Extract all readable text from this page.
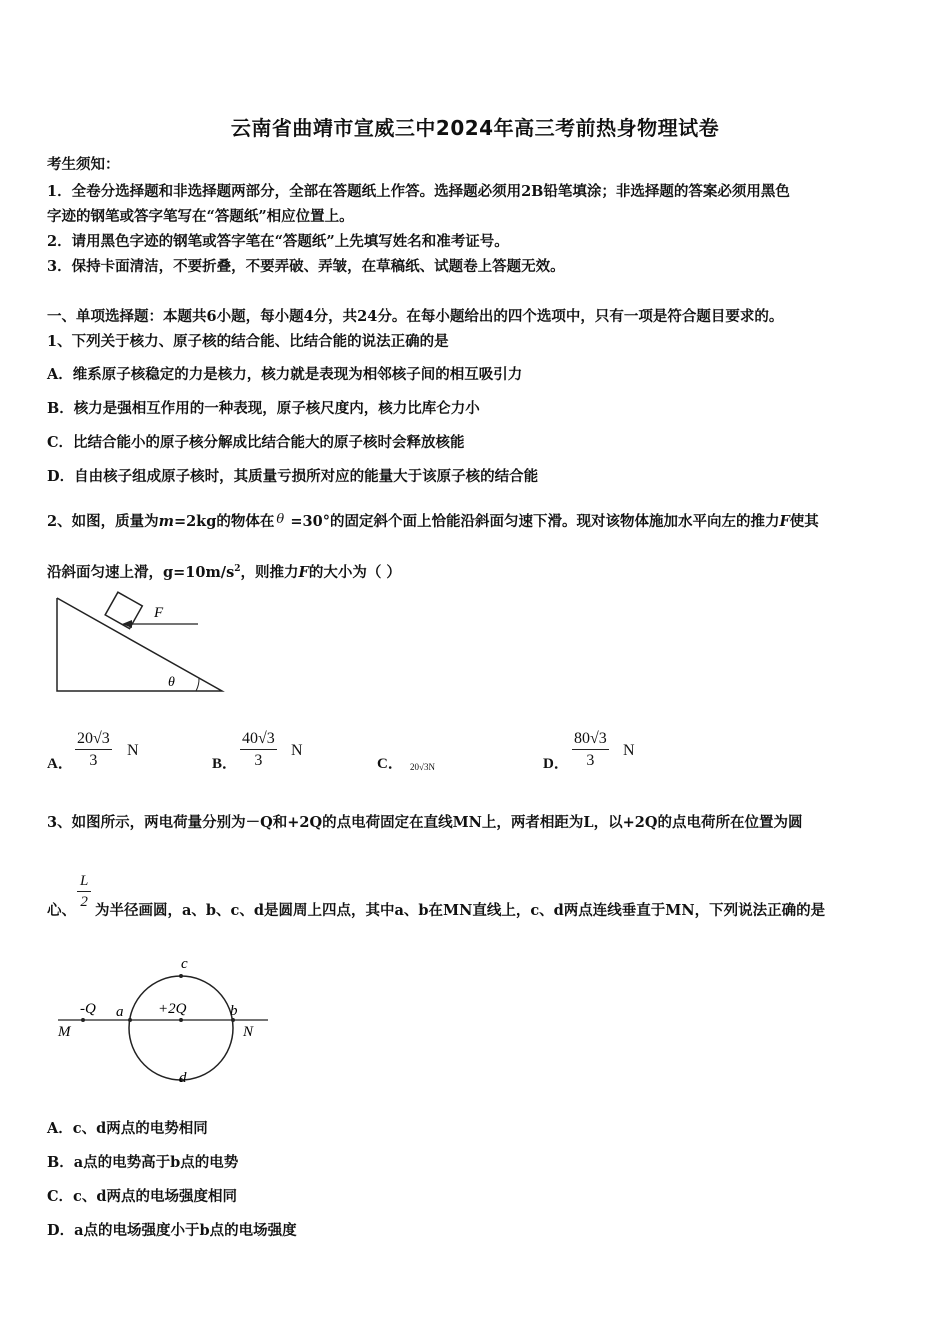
云南省曲靖市宣威三中2024年高三考前热身物理试卷
考生须知：
1．全卷分选择题和非选择题两部分，全部在答题纸上作答。选择题必须用2B铅笔填涂；非选择题的答案必须用黑色
字迹的钢笔或答字笔写在“答题纸”相应位置上。
2．请用黑色字迹的钢笔或答字笔在“答题纸”上先填写姓名和准考证号。
3．保持卡面清洁，不要折叠，不要弄破、弄皱，在草稿纸、试题卷上答题无效。
一、单项选择题：本题共6小题，每小题4分，共24分。在每小题给出的四个选项中，只有一项是符合题目要求的。
1、下列关于核力、原子核的结合能、比结合能的说法正确的是
A．维系原子核稳定的力是核力，核力就是表现为相邻核子间的相互吸引力
B．核力是强相互作用的一种表现，原子核尺度内，核力比库仑力小
C．比结合能小的原子核分解成比结合能大的原子核时会释放核能
D．自由核子组成原子核时，其质量亏损所对应的能量大于该原子核的结合能
2、如图，质量为m=2kg的物体在 θ =30°的固定斜个面上恰能沿斜面匀速下滑。现对该物体施加水平向左的推力F使其
沿斜面匀速上滑，$g=10m/s^2$，则推力F的大小为（ ）
F
θ
A． $\frac{20√3}{3}$ N
B． $\frac{40√3}{3}$ N
C． 20√3N	D． $\frac{80√3}{3}$ N
3、如图所示，两电荷量分别为－Q和+2Q的点电荷固定在直线MN上，两者相距为L，以+2Q的点电荷所在位置为圆
$\frac{L}{2}$
心、 为半径画圆，a、b、c、d是圆周上四点，其中a、b在MN直线上，c、d两点连线垂直于MN，下列说法正确的是
-Q	+2Q
a	b
c
d
M	N
A．c、d两点的电势相同
B．a点的电势高于b点的电势
C．c、d两点的电场强度相同
D．a点的电场强度小于b点的电场强度
